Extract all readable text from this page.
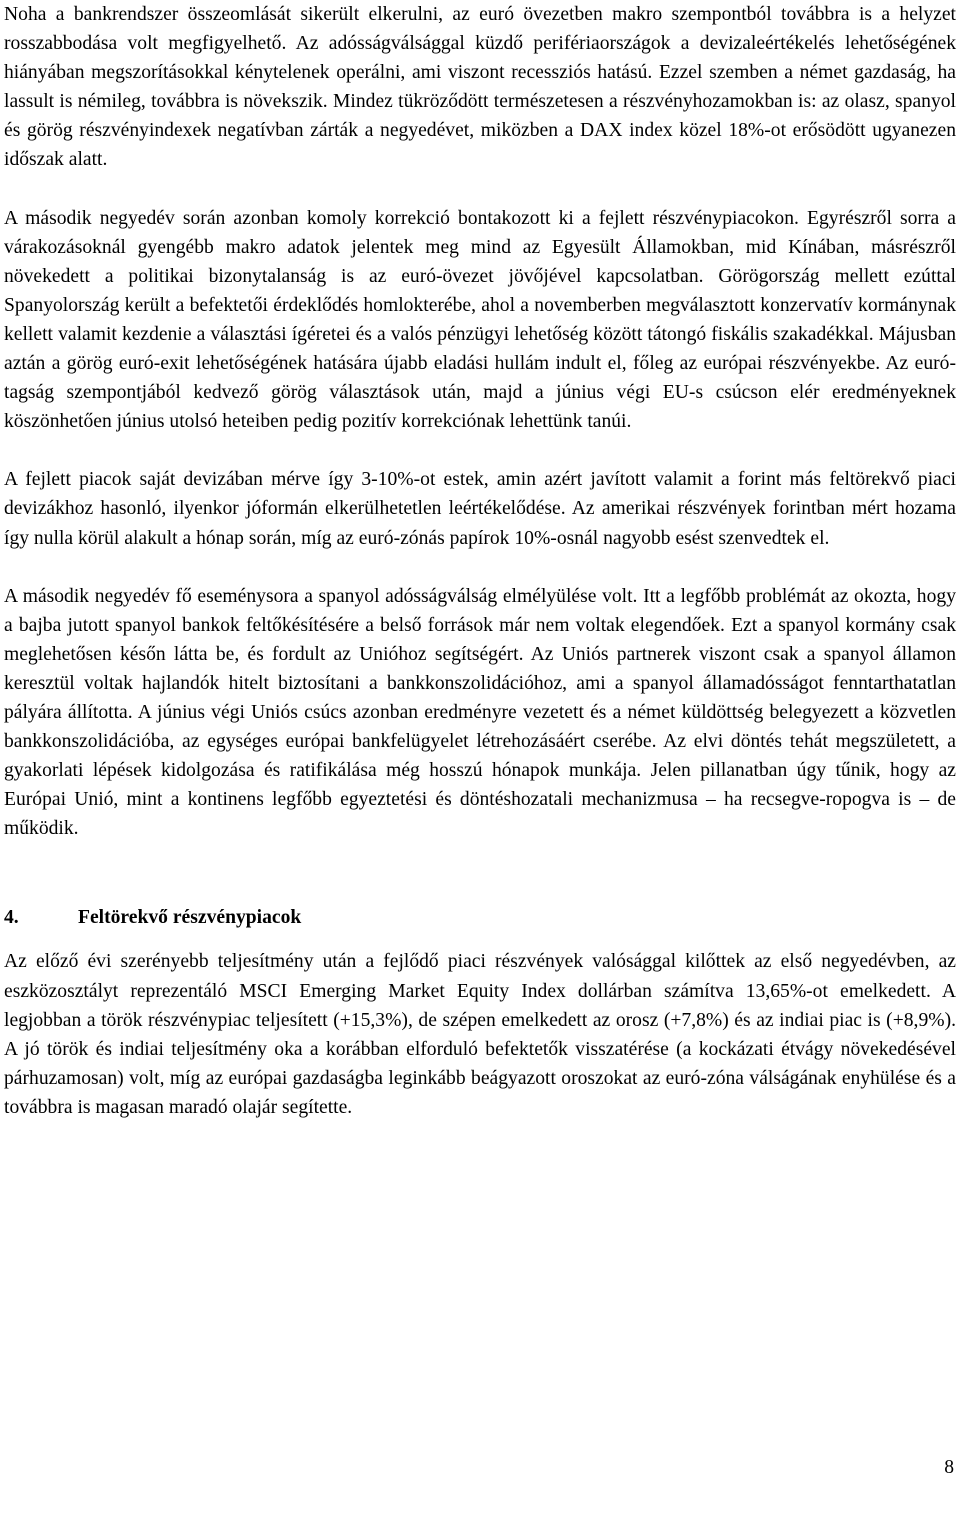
Noha a bankrendszer összeomlását sikerült elkerulni, az euró övezetben makro szempontból továbbra is a helyzet rosszabbodása volt megfigyelhető. Az adósságválsággal küzdő perifériaországok a devizaleértékelés lehetőségének hiányában megszorításokkal kénytelenek operálni, ami viszont recessziós hatású. Ezzel szemben a német gazdaság, ha lassult is némileg, továbbra is növekszik. Mindez tükröződött természetesen a részvényhozamokban is: az olasz, spanyol és görög részvényindexek negatívban zárták a negyedévet, miközben a DAX index közel 18%-ot erősödött ugyanezen időszak alatt.

A második negyedév során azonban komoly korrekció bontakozott ki a fejlett részvénypiacokon. Egyrészről sorra a várakozásoknál gyengébb makro adatok jelentek meg mind az Egyesült Államokban, mid Kínában, másrészről növekedett a politikai bizonytalanság is az euró-övezet jövőjével kapcsolatban. Görögország mellett ezúttal Spanyolország került a befektetői érdeklődés homlokterébe, ahol a novemberben megválasztott konzervatív kormánynak kellett valamit kezdenie a választási ígéretei és a valós pénzügyi lehetőség között tátongó fiskális szakadékkal. Májusban aztán a görög euró-exit lehetőségének hatására újabb eladási hullám indult el, főleg az európai részvényekbe. Az euró-tagság szempontjából kedvező görög választások után, majd a június végi EU-s csúcson elér eredményeknek köszönhetően június utolsó heteiben pedig pozitív korrekciónak lehettünk tanúi.

A fejlett piacok saját devizában mérve így 3-10%-ot estek, amin azért javított valamit a forint más feltörekvő piaci devizákhoz hasonló, ilyenkor jóformán elkerülhetetlen leértékelődése. Az amerikai részvények forintban mért hozama így nulla körül alakult a hónap során, míg az euró-zónás papírok 10%-osnál nagyobb esést szenvedtek el.

A második negyedév fő eseménysora a spanyol adósságválság elmélyülése volt. Itt a legfőbb problémát az okozta, hogy a bajba jutott spanyol bankok feltőkésítésére a belső források már nem voltak elegendőek. Ezt a spanyol kormány csak meglehetősen későn látta be, és fordult az Unióhoz segítségért. Az Uniós partnerek viszont csak a spanyol államon keresztül voltak hajlandók hitelt biztosítani a bankkonszolidációhoz, ami a spanyol államadósságot fenntarthatatlan pályára állította. A június végi Uniós csúcs azonban eredményre vezetett és a német küldöttség belegyezett a közvetlen bankkonszolidációba, az egységes európai bankfelügyelet létrehozásáért cserébe. Az elvi döntés tehát megszületett, a gyakorlati lépések kidolgozása és ratifikálása még hosszú hónapok munkája. Jelen pillanatban úgy tűnik, hogy az Európai Unió, mint a kontinens legfőbb egyeztetési és döntéshozatali mechanizmusa – ha recsegve-ropogva is – de működik.

4.	Feltörekvő részvénypiacok

Az előző évi szerényebb teljesítmény után a fejlődő piaci részvények valósággal kilőttek az első negyedévben, az eszközosztályt reprezentáló MSCI Emerging Market Equity Index dollárban számítva 13,65%-ot emelkedett. A legjobban a török részvénypiac teljesített (+15,3%), de szépen emelkedett az orosz (+7,8%) és az indiai piac is (+8,9%). A jó török és indiai teljesítmény oka a korábban elforduló befektetők visszatérése (a kockázati étvágy növekedésével párhuzamosan) volt, míg az európai gazdaságba leginkább beágyazott oroszokat az euró-zóna válságának enyhülése és a továbbra is magasan maradó olajár segítette.

8
